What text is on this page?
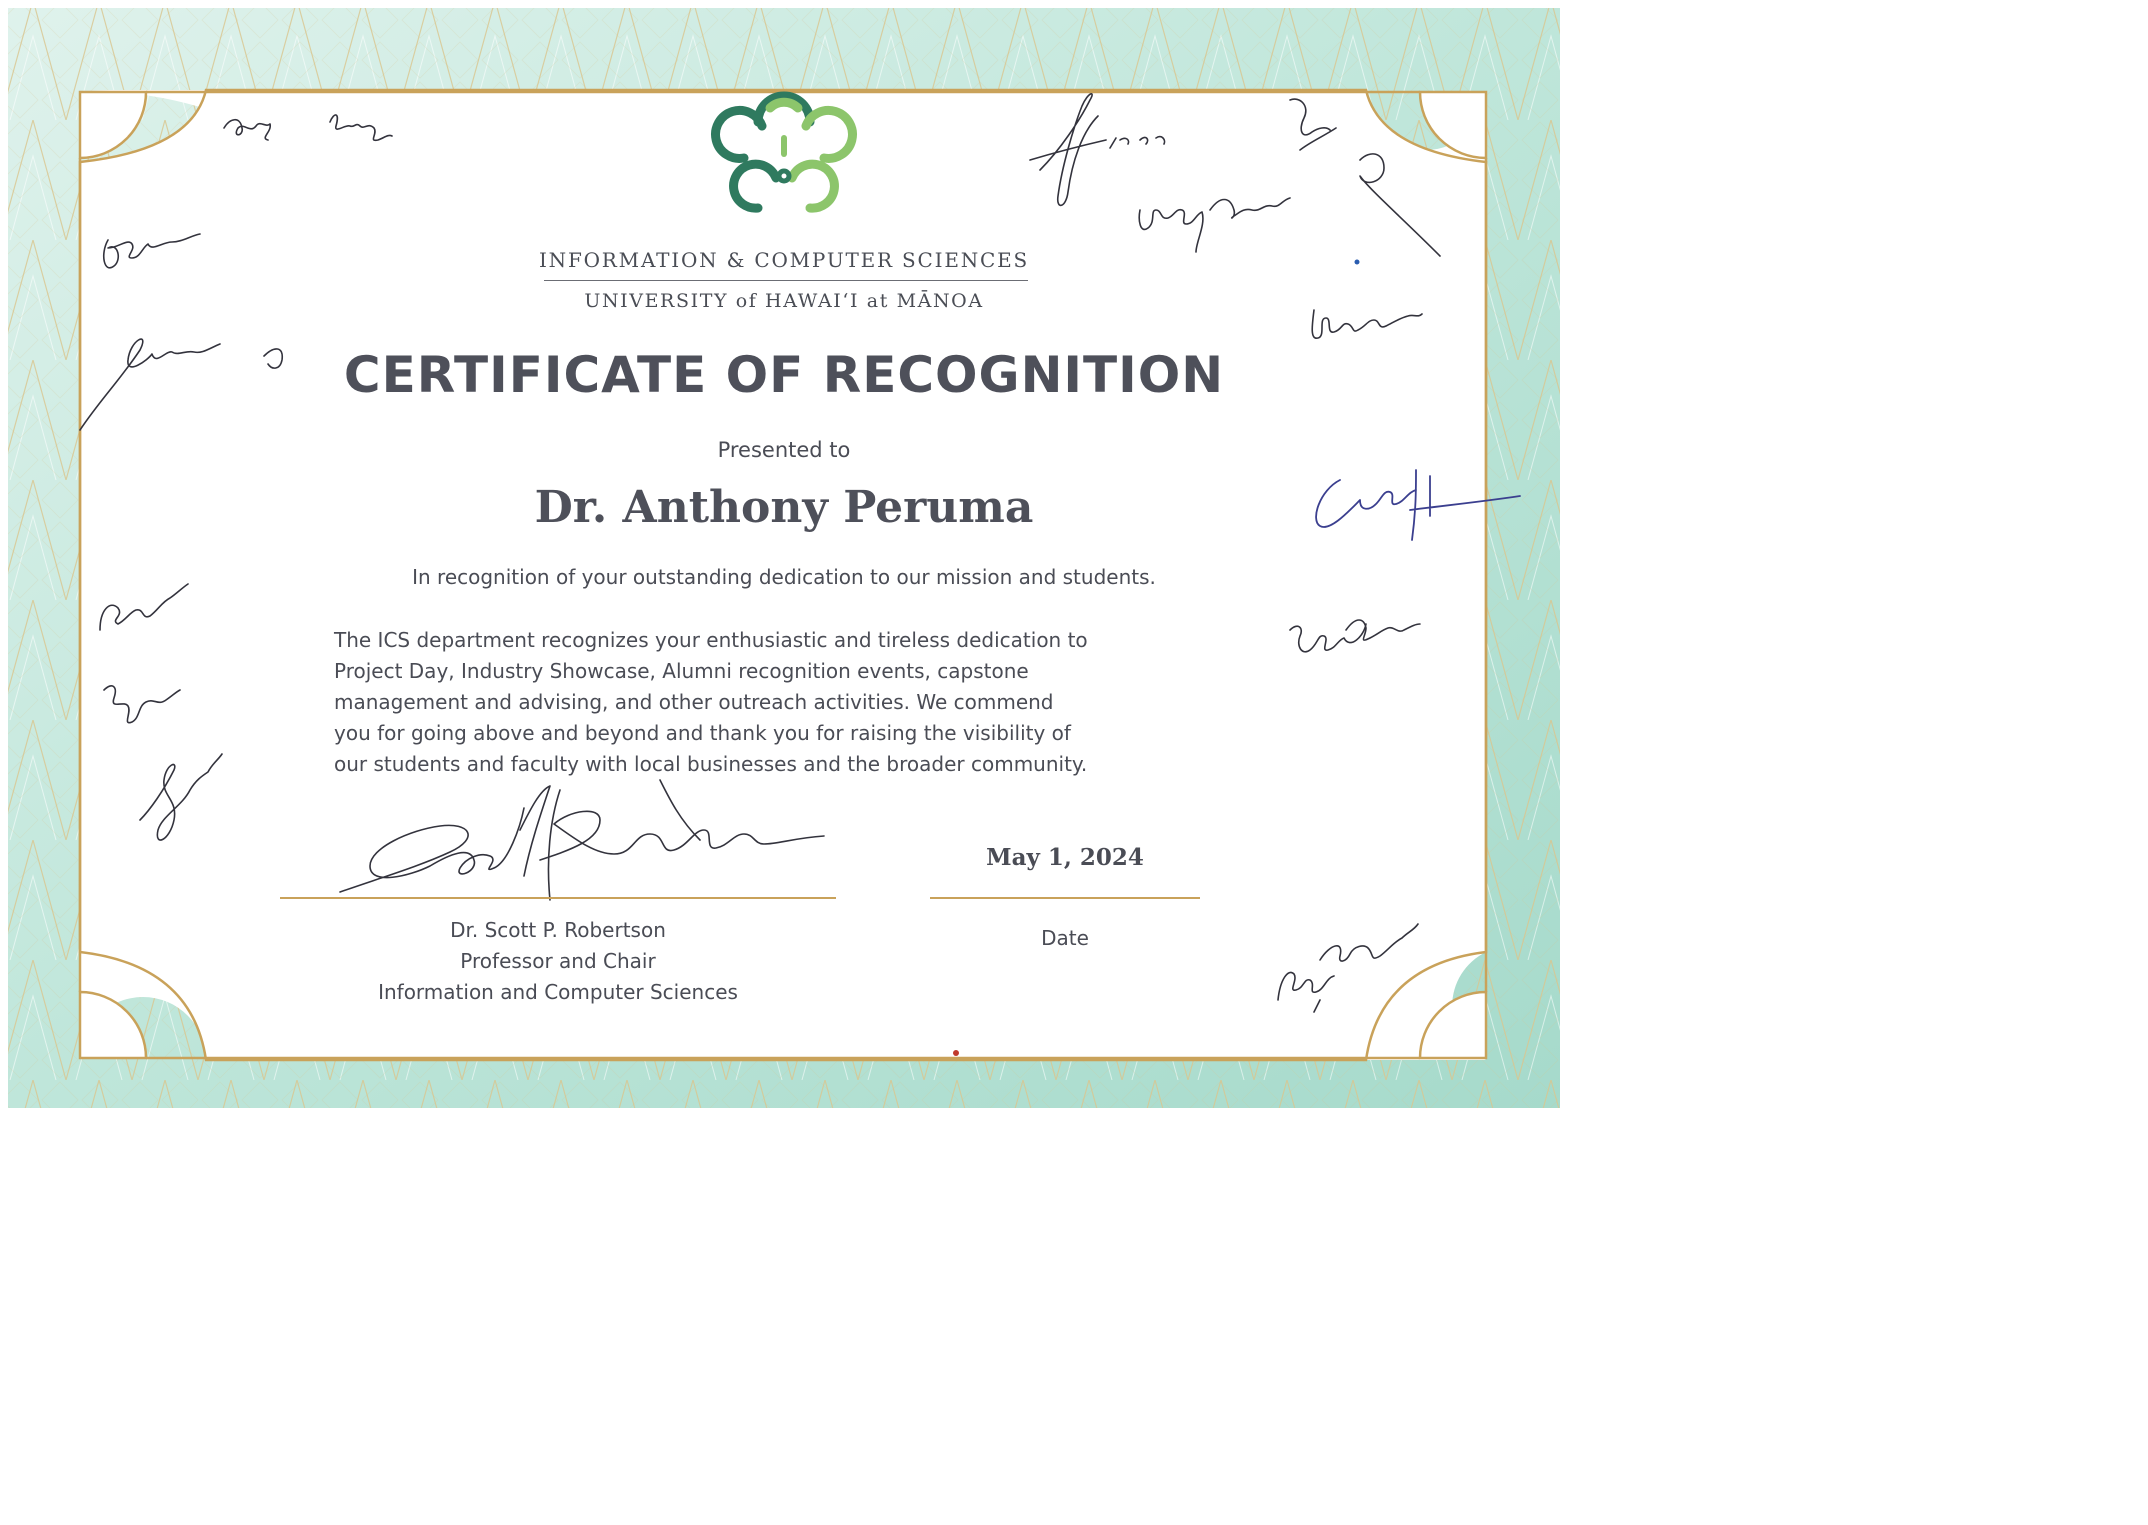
INFORMATION & COMPUTER SCIENCES

UNIVERSITY of HAWAI‘I at MĀNOA

CERTIFICATE OF RECOGNITION

Presented to

Dr. Anthony Peruma

In recognition of your outstanding dedication to our mission and students.

The ICS department recognizes your enthusiastic and tireless dedication to
Project Day, Industry Showcase, Alumni recognition events, capstone
management and advising, and other outreach activities. We commend
you for going above and beyond and thank you for raising the visibility of
our students and faculty with local businesses and the broader community.

Dr. Scott P. Robertson
Professor and Chair
Information and Computer Sciences

May 1, 2024

Date
